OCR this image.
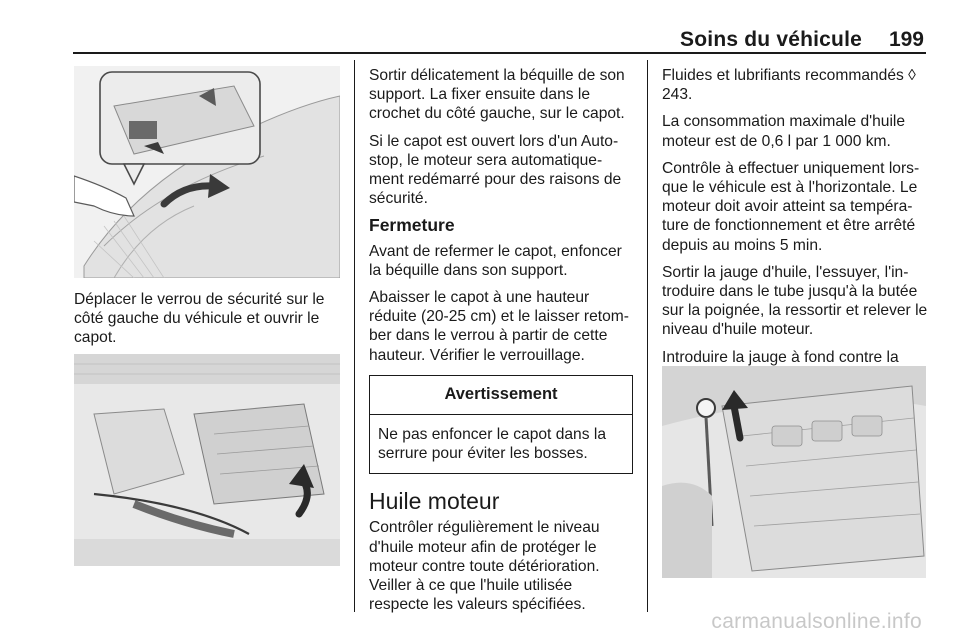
Soins du véhicule 199

Déplacer le verrou de sécurité sur le côté gauche du véhicule et ouvrir le capot.

Sortir délicatement la béquille de son support. La fixer ensuite dans le crochet du côté gauche, sur le capot.

Si le capot est ouvert lors d'un Auto-stop, le moteur sera automatique-ment redémarré pour des raisons de sécurité.

Fermeture

Avant de refermer le capot, enfoncer la béquille dans son support.

Abaisser le capot à une hauteur réduite (20-25 cm) et le laisser retom-ber dans le verrou à partir de cette hauteur. Vérifier le verrouillage.

Avertissement
Ne pas enfoncer le capot dans la serrure pour éviter les bosses.
Huile moteur

Contrôler régulièrement le niveau d'huile moteur afin de protéger le moteur contre toute détérioration. Veiller à ce que l'huile utilisée respecte les valeurs spécifiées.

Fluides et lubrifiants recommandés ◊ 243.

La consommation maximale d'huile moteur est de 0,6 l par 1 000 km.

Contrôle à effectuer uniquement lors-que le véhicule est à l'horizontale. Le moteur doit avoir atteint sa tempéra-ture de fonctionnement et être arrêté depuis au moins 5 min.

Sortir la jauge d'huile, l'essuyer, l'in-troduire dans le tube jusqu'à la butée sur la poignée, la ressortir et relever le niveau d'huile moteur.

Introduire la jauge à fond contre la

carmanualsonline.info
